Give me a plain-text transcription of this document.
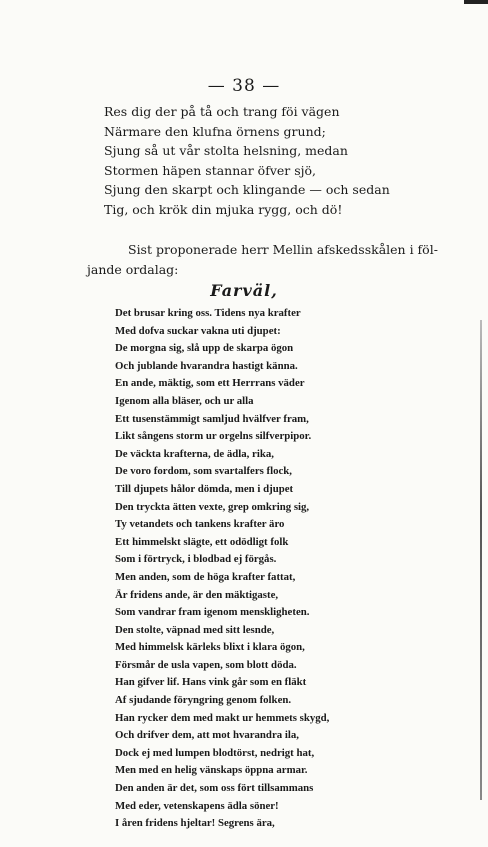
— 38 —
Res dig der på tå och trang föi vägen
Närmare den klufna örnens grund;
Sjung så ut vår stolta helsning, medan
Stormen häpen stannar öfver sjö,
Sjung den skarpt och klingande — och sedan
Tig, och krök din mjuka rygg, och dö!
Sist proponerade herr Mellin afskedsskålen i föl-
jande ordalag:
Farväl,
Det brusar kring oss. Tidens nya krafter
Med dofva suckar vakna uti djupet:
De morgna sig, slå upp de skarpa ögon
Och jublande hvarandra hastigt känna.
En ande, mäktig, som ett Herrrans väder
Igenom alla bläser, och ur alla
Ett tusenstämmigt samljud hvälfver fram,
Likt sångens storm ur orgelns silfverpipor.
De väckta krafterna, de ädla, rika,
De voro fordom, som svartalfers flock,
Till djupets hålor dömda, men i djupet
Den tryckta ätten vexte, grep omkring sig,
Ty vetandets och tankens krafter äro
Ett himmelskt slägte, ett odödligt folk
Som i förtryck, i blodbad ej förgås.
Men anden, som de höga krafter fattat,
Är fridens ande, är den mäktigaste,
Som vandrar fram igenom menskligheten.
Den stolte, väpnad med sitt lesnde,
Med himmelsk kärleks blixt i klara ögon,
Försmår de usla vapen, som blott döda.
Han gifver lif. Hans vink går som en fläkt
Af sjudande föryngring genom folken.
Han rycker dem med makt ur hemmets skygd,
Och drifver dem, att mot hvarandra ila,
Dock ej med lumpen blodtörst, nedrigt hat,
Men med en helig vänskaps öppna armar.
Den anden är det, som oss fört tillsammans
Med eder, vetenskapens ädla söner!
I åren fridens hjeltar! Segrens ära,
